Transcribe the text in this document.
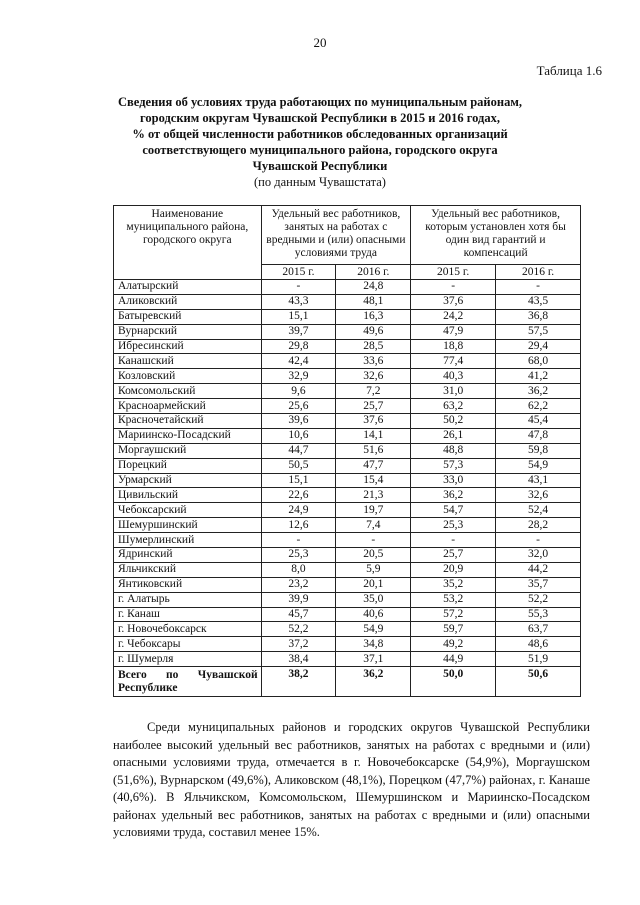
20
Таблица 1.6
Сведения об условиях труда работающих по муниципальным районам,
городским округам Чувашской Республики в 2015 и 2016 годах,
% от общей численности работников обследованных организаций
соответствующего муниципального района, городского округа
Чувашской Республики
(по данным Чувашстата)
Наименование муниципального района, городского округа	Удельный вес работников, занятых на работах с вредными и (или) опасными условиями труда		Удельный вес работников, которым установлен хотя бы один вид гарантий и компенсаций	
	2015 г.	2016 г.	2015 г.	2016 г.
Алатырский	-	24,8	-	-
Аликовский	43,3	48,1	37,6	43,5
Батыревский	15,1	16,3	24,2	36,8
Вурнарский	39,7	49,6	47,9	57,5
Ибресинский	29,8	28,5	18,8	29,4
Канашский	42,4	33,6	77,4	68,0
Козловский	32,9	32,6	40,3	41,2
Комсомольский	9,6	7,2	31,0	36,2
Красноармейский	25,6	25,7	63,2	62,2
Красночетайский	39,6	37,6	50,2	45,4
Мариинско-Посадский	10,6	14,1	26,1	47,8
Моргаушский	44,7	51,6	48,8	59,8
Порецкий	50,5	47,7	57,3	54,9
Урмарский	15,1	15,4	33,0	43,1
Цивильский	22,6	21,3	36,2	32,6
Чебоксарский	24,9	19,7	54,7	52,4
Шемуршинский	12,6	7,4	25,3	28,2
Шумерлинский	-	-	-	-
Ядринский	25,3	20,5	25,7	32,0
Яльчикский	8,0	5,9	20,9	44,2
Янтиковский	23,2	20,1	35,2	35,7
г. Алатырь	39,9	35,0	53,2	52,2
г. Канаш	45,7	40,6	57,2	55,3
г. Новочебоксарск	52,2	54,9	59,7	63,7
г. Чебоксары	37,2	34,8	49,2	48,6
г. Шумерля	38,4	37,1	44,9	51,9
Всего по Чувашской Республике	38,2	36,2	50,0	50,6

Среди муниципальных районов и городских округов Чувашской Республики наиболее высокий удельный вес работников, занятых на работах с вредными и (или) опасными условиями труда, отмечается в г. Новочебоксарске (54,9%), Моргаушском (51,6%), Вурнарском (49,6%), Аликовском (48,1%), Порецком (47,7%) районах, г. Канаше (40,6%). В Яльчикском, Комсомольском, Шемуршинском и Мариинско-Посадском районах удельный вес работников, занятых на работах с вредными и (или) опасными условиями труда, составил менее 15%.
